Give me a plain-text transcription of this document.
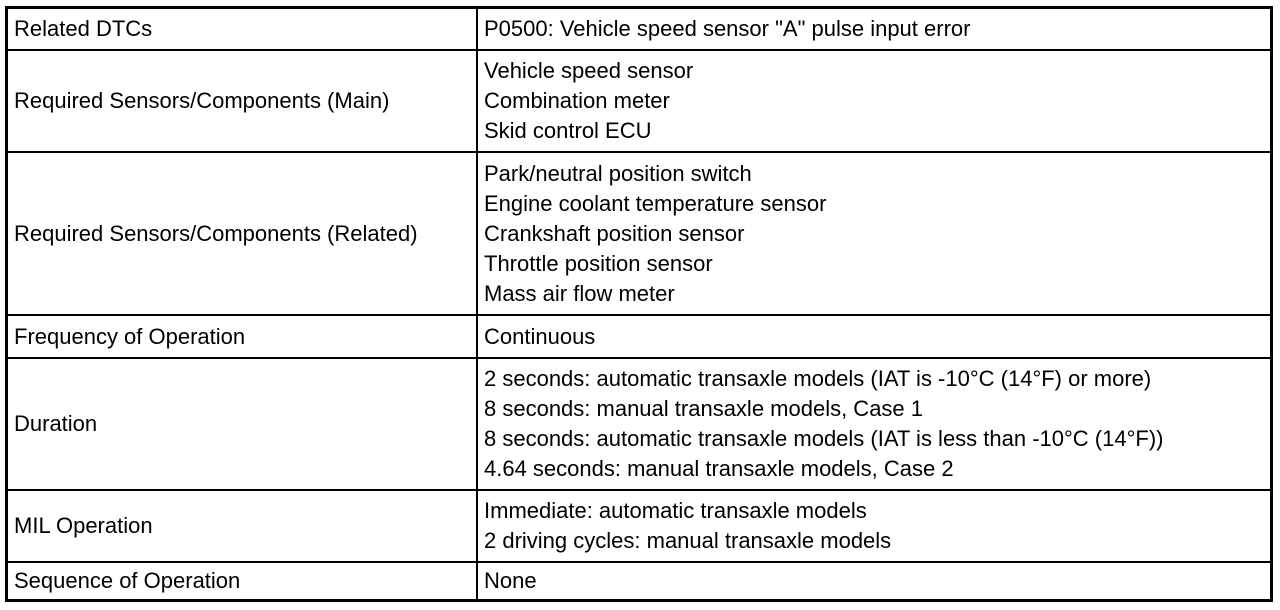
Related DTCs	P0500: Vehicle speed sensor "A" pulse input error

Required Sensors/Components (Main)	Vehicle speed sensor
Combination meter
Skid control ECU

Required Sensors/Components (Related)	Park/neutral position switch
Engine coolant temperature sensor
Crankshaft position sensor
Throttle position sensor
Mass air flow meter

Frequency of Operation	Continuous

Duration	2 seconds: automatic transaxle models (IAT is -10°C (14°F) or more)
8 seconds: manual transaxle models, Case 1
8 seconds: automatic transaxle models (IAT is less than -10°C (14°F))
4.64 seconds: manual transaxle models, Case 2

MIL Operation	Immediate: automatic transaxle models
2 driving cycles: manual transaxle models

Sequence of Operation	None
